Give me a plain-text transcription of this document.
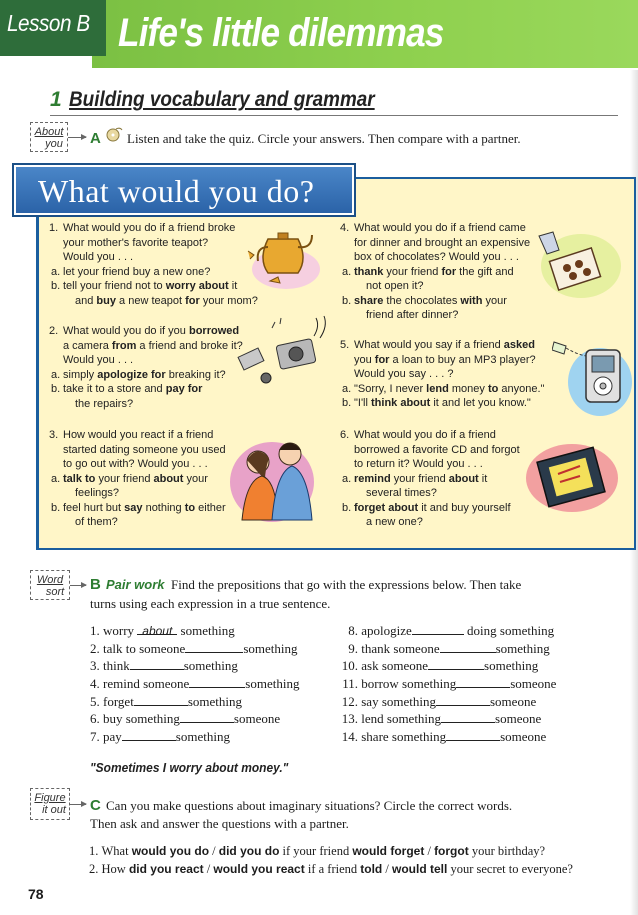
Lesson B Life's little dilemmas
1 Building vocabulary and grammar
About
you A Listen and take the quiz. Circle your answers. Then compare with a partner.
What would you do?
1. What would you do if a friend broke
your mother's favorite teapot?
Would you . . .
a. let your friend buy a new one?
b. tell your friend not to worry about it
and buy a new teapot for your mom?
2. What would you do if you borrowed
a camera from a friend and broke it?
Would you . . .
a. simply apologize for breaking it?
b. take it to a store and pay for
the repairs?
3. How would you react if a friend
started dating someone you used
to go out with? Would you . . .
a. talk to your friend about your
feelings?
b. feel hurt but say nothing to either
of them?
4. What would you do if a friend came
for dinner and brought an expensive
box of chocolates? Would you . . .
a. thank your friend for the gift and
not open it?
b. share the chocolates with your
friend after dinner?
5. What would you say if a friend asked
you for a loan to buy an MP3 player?
Would you say . . . ?
a. "Sorry, I never lend money to anyone."
b. "I'll think about it and let you know."
6. What would you do if a friend
borrowed a favorite CD and forgot
to return it? Would you . . .
a. remind your friend about it
several times?
b. forget about it and buy yourself
a new one?
Word
sort	B Pair work Find the prepositions that go with the expressions below. Then take
turns using each expression in a true sentence.
1. worry about something
2. talk to someone	something
3. think	something
4. remind someone	something
5. forget	something
6. buy something	someone
7. pay	something
8. apologize	doing something
9. thank someone	something
10. ask someone	something
11. borrow something	someone
12. say something	someone
13. lend something	someone
14. share something	someone
"Sometimes I worry about money."
Figure
it out C Can you make questions about imaginary situations? Circle the correct words.
Then ask and answer the questions with a partner.
1. What would you do / did you do if your friend would forget / forgot your birthday?
2. How did you react / would you react if a friend told / would tell your secret to everyone?
78
